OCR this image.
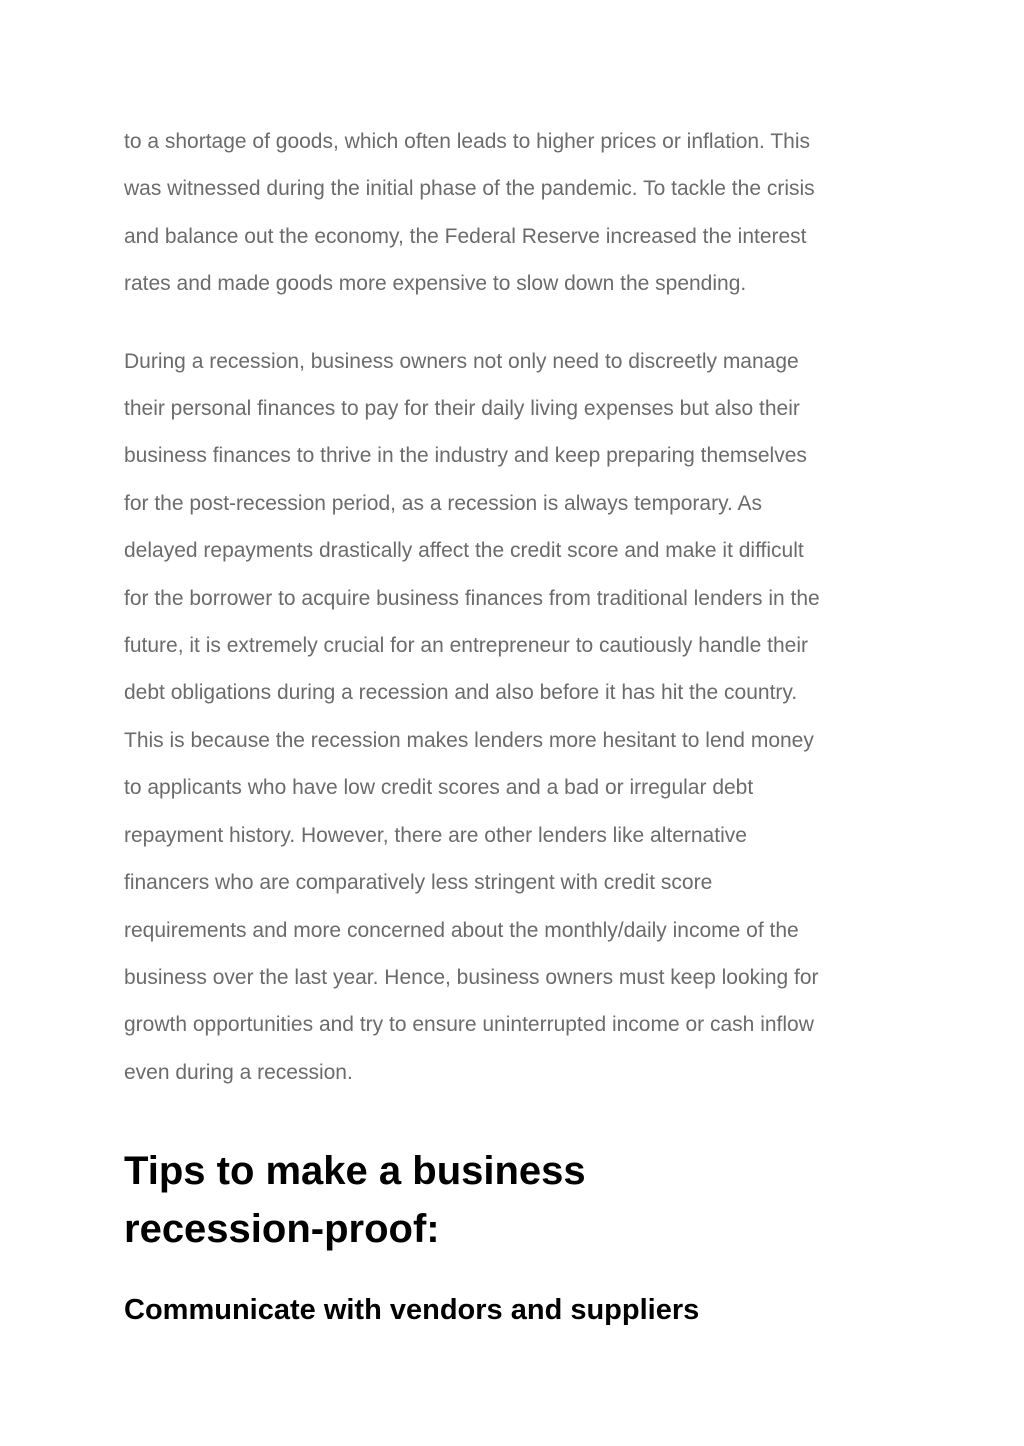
to a shortage of goods, which often leads to higher prices or inflation. This
was witnessed during the initial phase of the pandemic. To tackle the crisis
and balance out the economy, the Federal Reserve increased the interest
rates and made goods more expensive to slow down the spending.

During a recession, business owners not only need to discreetly manage
their personal finances to pay for their daily living expenses but also their
business finances to thrive in the industry and keep preparing themselves
for the post-recession period, as a recession is always temporary. As
delayed repayments drastically affect the credit score and make it difficult
for the borrower to acquire business finances from traditional lenders in the
future, it is extremely crucial for an entrepreneur to cautiously handle their
debt obligations during a recession and also before it has hit the country.
This is because the recession makes lenders more hesitant to lend money
to applicants who have low credit scores and a bad or irregular debt
repayment history. However, there are other lenders like alternative
financers who are comparatively less stringent with credit score
requirements and more concerned about the monthly/daily income of the
business over the last year. Hence, business owners must keep looking for
growth opportunities and try to ensure uninterrupted income or cash inflow
even during a recession.

Tips to make a business
recession-proof:
Communicate with vendors and suppliers
